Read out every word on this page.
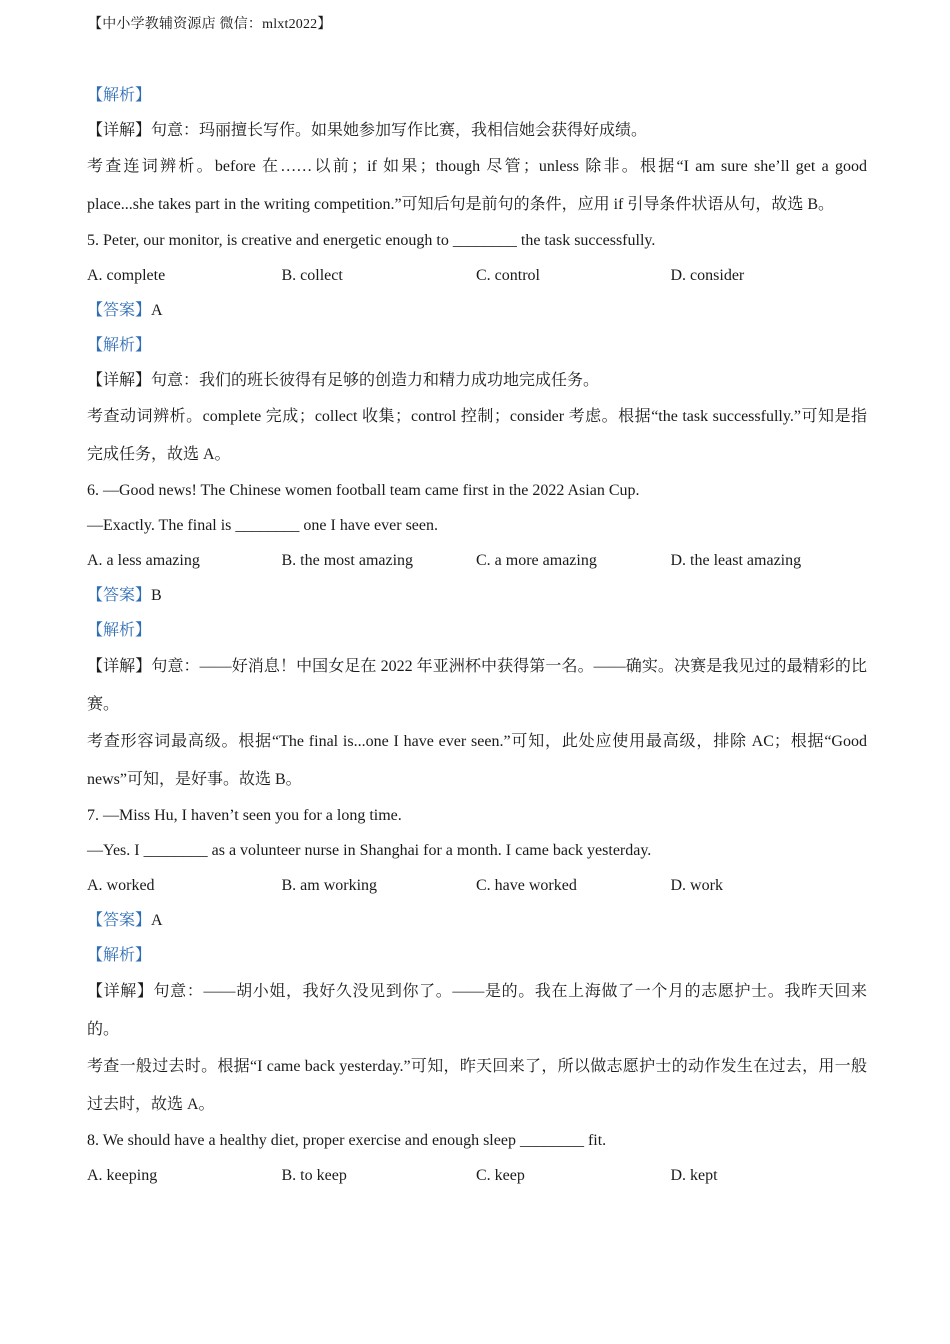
【中小学教辅资源店 微信：mlxt2022】
【解析】
【详解】句意：玛丽擅长写作。如果她参加写作比赛，我相信她会获得好成绩。
考查连词辨析。before 在……以前；if 如果；though 尽管；unless 除非。根据“I am sure she’ll get a good place...she takes part in the writing competition.”可知后句是前句的条件，应用 if 引导条件状语从句，故选 B。
5. Peter, our monitor, is creative and energetic enough to ________ the task successfully.
A. complete	B. collect	C. control	D. consider
【答案】A
【解析】
【详解】句意：我们的班长彼得有足够的创造力和精力成功地完成任务。
考查动词辨析。complete 完成；collect 收集；control 控制；consider 考虑。根据“the task successfully.”可知是指完成任务，故选 A。
6. —Good news! The Chinese women football team came first in the 2022 Asian Cup.
—Exactly. The final is ________ one I have ever seen.
A. a less amazing	B. the most amazing	C. a more amazing	D. the least amazing
【答案】B
【解析】
【详解】句意：——好消息！中国女足在 2022 年亚洲杯中获得第一名。——确实。决赛是我见过的最精彩的比赛。
考查形容词最高级。根据“The final is...one I have ever seen.”可知，此处应使用最高级，排除 AC；根据“Good news”可知，是好事。故选 B。
7. —Miss Hu, I haven’t seen you for a long time.
—Yes. I ________ as a volunteer nurse in Shanghai for a month. I came back yesterday.
A. worked	B. am working	C. have worked	D. work
【答案】A
【解析】
【详解】句意：——胡小姐，我好久没见到你了。——是的。我在上海做了一个月的志愿护士。我昨天回来的。
考查一般过去时。根据“I came back yesterday.”可知，昨天回来了，所以做志愿护士的动作发生在过去，用一般过去时，故选 A。
8. We should have a healthy diet, proper exercise and enough sleep ________ fit.
A. keeping	B. to keep	C. keep	D. kept
